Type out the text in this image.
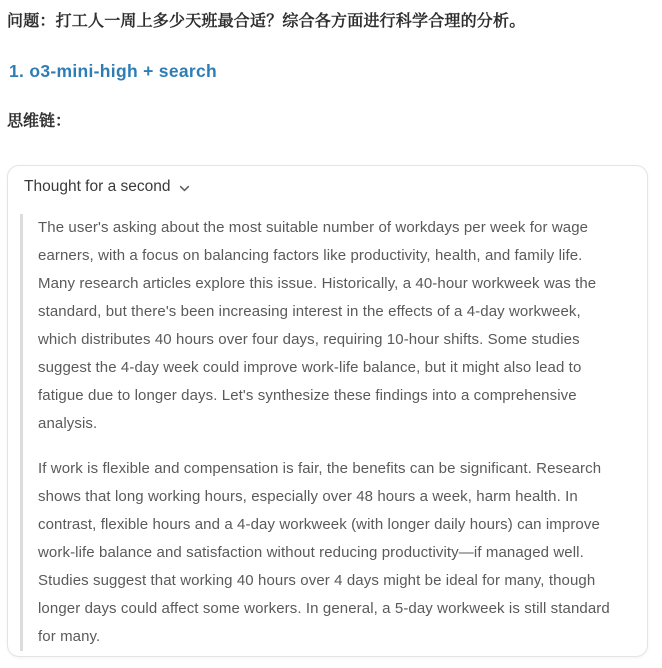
问题：打工人一周上多少天班最合适？综合各方面进行科学合理的分析。
1. o3-mini-high + search
思维链：
Thought for a second

The user's asking about the most suitable number of workdays per week for wage earners, with a focus on balancing factors like productivity, health, and family life. Many research articles explore this issue. Historically, a 40-hour workweek was the standard, but there's been increasing interest in the effects of a 4-day workweek, which distributes 40 hours over four days, requiring 10-hour shifts. Some studies suggest the 4-day week could improve work-life balance, but it might also lead to fatigue due to longer days. Let's synthesize these findings into a comprehensive analysis.

If work is flexible and compensation is fair, the benefits can be significant. Research shows that long working hours, especially over 48 hours a week, harm health. In contrast, flexible hours and a 4-day workweek (with longer daily hours) can improve work-life balance and satisfaction without reducing productivity—if managed well. Studies suggest that working 40 hours over 4 days might be ideal for many, though longer days could affect some workers. In general, a 5-day workweek is still standard for many.
